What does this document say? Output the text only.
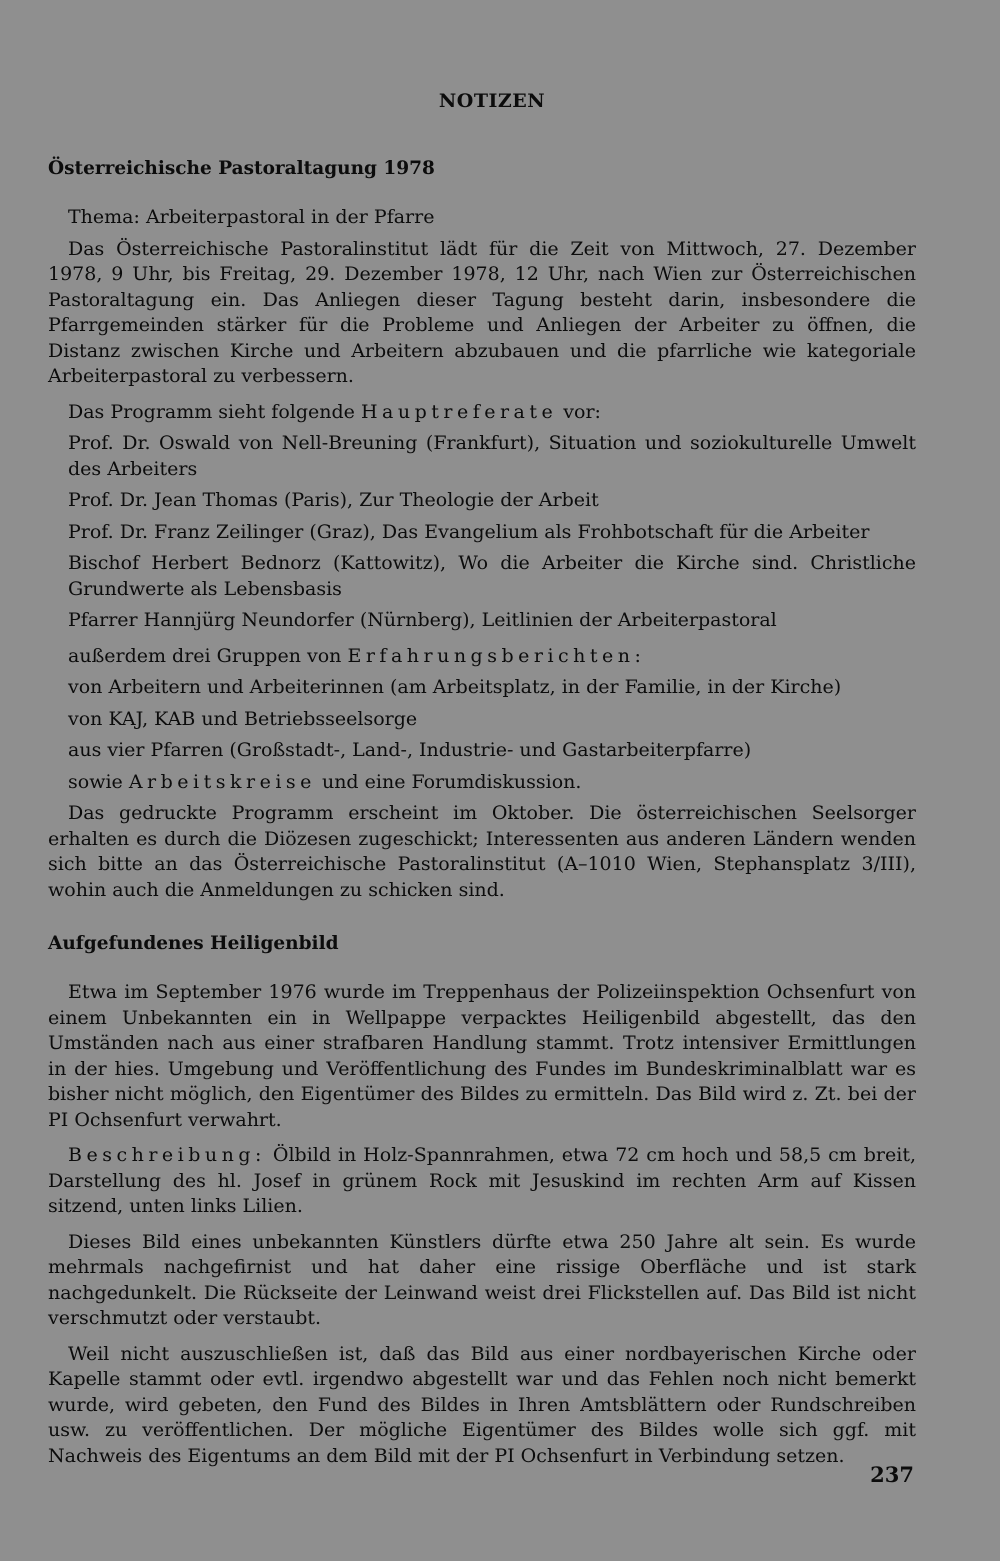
NOTIZEN
Österreichische Pastoraltagung 1978

Thema: Arbeiterpastoral in der Pfarre

Das Österreichische Pastoralinstitut lädt für die Zeit von Mittwoch, 27. Dezember 1978, 9 Uhr, bis Freitag, 29. Dezember 1978, 12 Uhr, nach Wien zur Österreichischen Pastoraltagung ein. Das Anliegen dieser Tagung besteht darin, insbesondere die Pfarrgemeinden stärker für die Probleme und Anliegen der Arbeiter zu öffnen, die Distanz zwischen Kirche und Arbeitern abzubauen und die pfarrliche wie kategoriale Arbeiterpastoral zu verbessern.

Das Programm sieht folgende Hauptreferate vor:

Prof. Dr. Oswald von Nell-Breuning (Frankfurt), Situation und soziokulturelle Umwelt des Arbeiters

Prof. Dr. Jean Thomas (Paris), Zur Theologie der Arbeit

Prof. Dr. Franz Zeilinger (Graz), Das Evangelium als Frohbotschaft für die Arbeiter

Bischof Herbert Bednorz (Kattowitz), Wo die Arbeiter die Kirche sind. Christliche Grundwerte als Lebensbasis

Pfarrer Hannjürg Neundorfer (Nürnberg), Leitlinien der Arbeiterpastoral

außerdem drei Gruppen von Erfahrungsberichten:

von Arbeitern und Arbeiterinnen (am Arbeitsplatz, in der Familie, in der Kirche)

von KAJ, KAB und Betriebsseelsorge

aus vier Pfarren (Großstadt-, Land-, Industrie- und Gastarbeiterpfarre)

sowie Arbeitskreise und eine Forumdiskussion.

Das gedruckte Programm erscheint im Oktober. Die österreichischen Seelsorger erhalten es durch die Diözesen zugeschickt; Interessenten aus anderen Ländern wenden sich bitte an das Österreichische Pastoralinstitut (A–1010 Wien, Stephansplatz 3/III), wohin auch die Anmeldungen zu schicken sind.

Aufgefundenes Heiligenbild

Etwa im September 1976 wurde im Treppenhaus der Polizeiinspektion Ochsenfurt von einem Unbekannten ein in Wellpappe verpacktes Heiligenbild abgestellt, das den Umständen nach aus einer strafbaren Handlung stammt. Trotz intensiver Ermittlungen in der hies. Umgebung und Veröffentlichung des Fundes im Bundeskriminalblatt war es bisher nicht möglich, den Eigentümer des Bildes zu ermitteln. Das Bild wird z. Zt. bei der PI Ochsenfurt verwahrt.

Beschreibung: Ölbild in Holz-Spannrahmen, etwa 72 cm hoch und 58,5 cm breit, Darstellung des hl. Josef in grünem Rock mit Jesuskind im rechten Arm auf Kissen sitzend, unten links Lilien.

Dieses Bild eines unbekannten Künstlers dürfte etwa 250 Jahre alt sein. Es wurde mehrmals nachgefirnist und hat daher eine rissige Oberfläche und ist stark nachgedunkelt. Die Rückseite der Leinwand weist drei Flickstellen auf. Das Bild ist nicht verschmutzt oder verstaubt.

Weil nicht auszuschließen ist, daß das Bild aus einer nordbayerischen Kirche oder Kapelle stammt oder evtl. irgendwo abgestellt war und das Fehlen noch nicht bemerkt wurde, wird gebeten, den Fund des Bildes in Ihren Amtsblättern oder Rundschreiben usw. zu veröffentlichen. Der mögliche Eigentümer des Bildes wolle sich ggf. mit Nachweis des Eigentums an dem Bild mit der PI Ochsenfurt in Verbindung setzen.

237
